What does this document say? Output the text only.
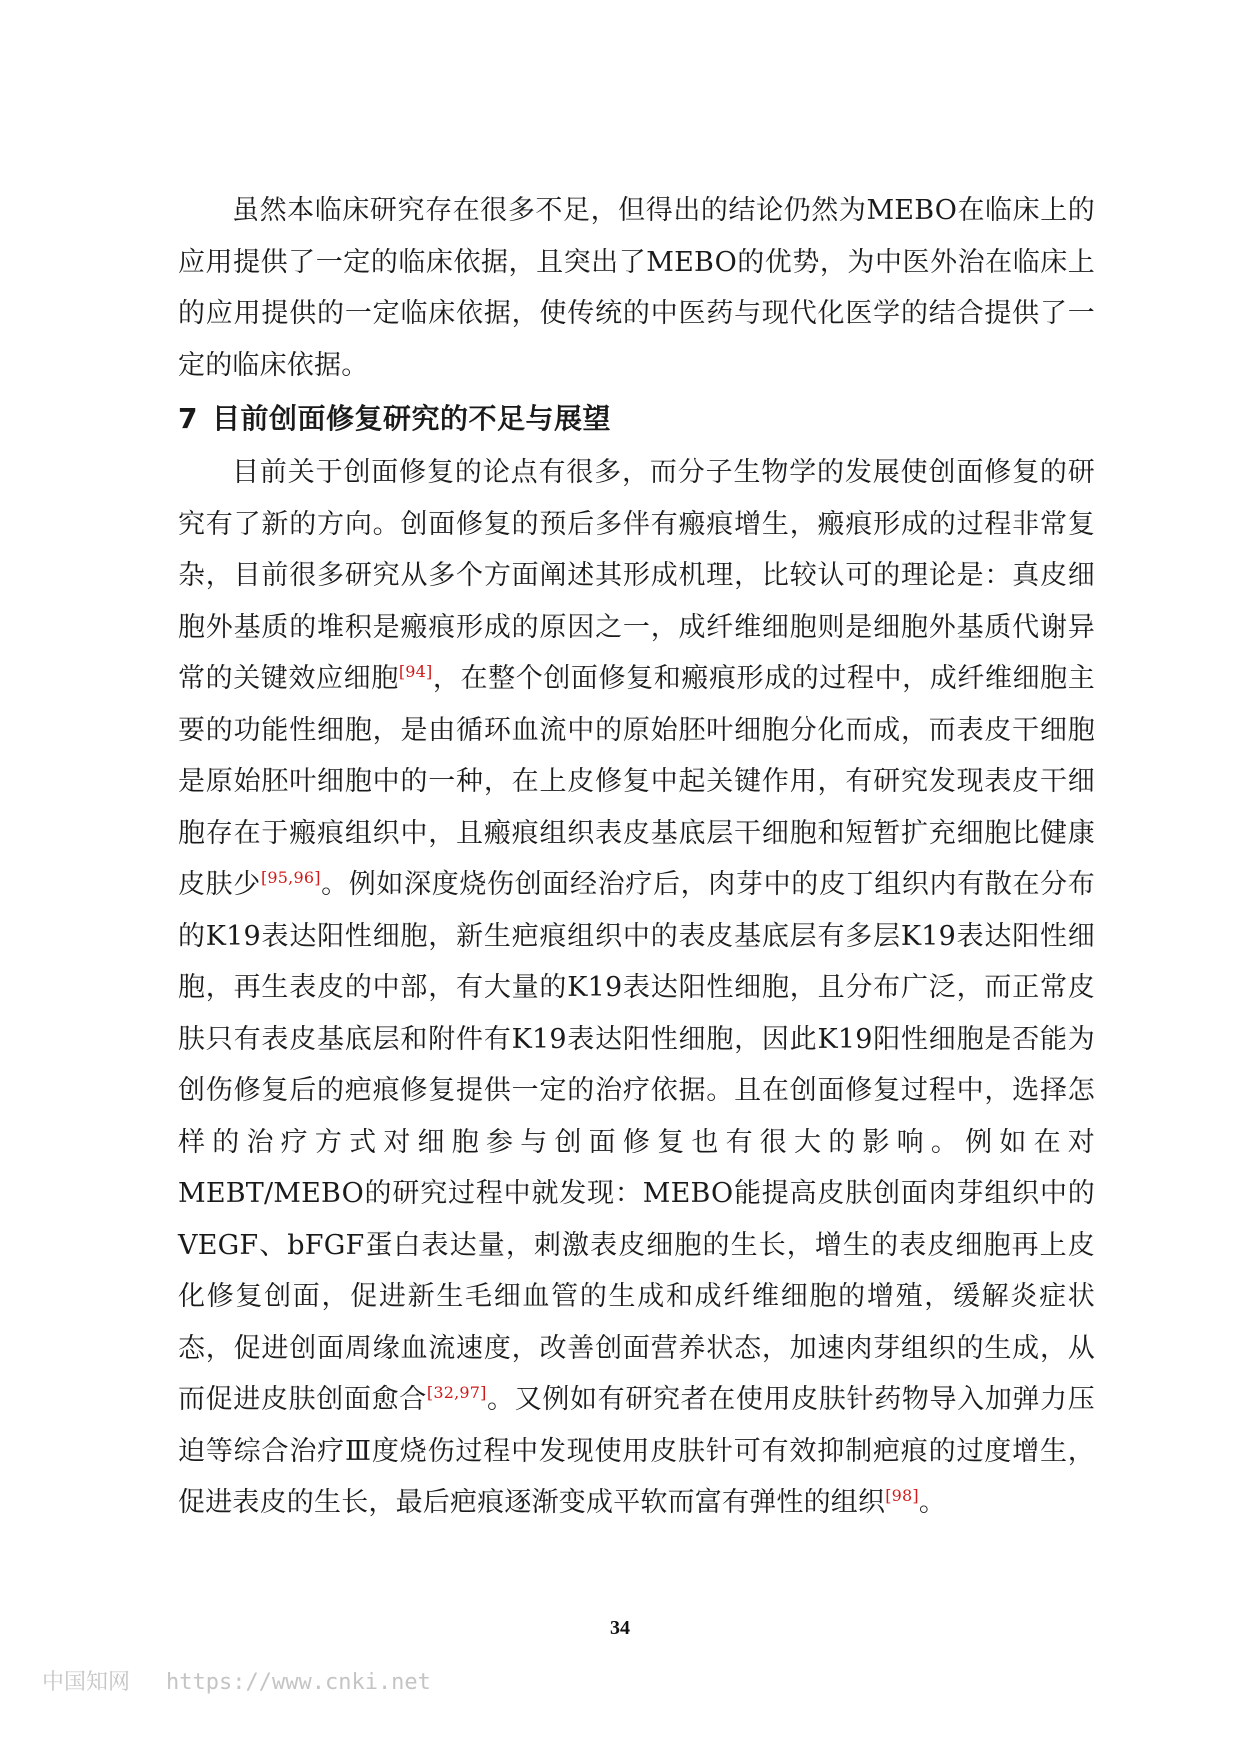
虽然本临床研究存在很多不足，但得出的结论仍然为MEBO在临床上的应用提供了一定的临床依据，且突出了MEBO的优势，为中医外治在临床上的应用提供的一定临床依据，使传统的中医药与现代化医学的结合提供了一定的临床依据。

7 目前创面修复研究的不足与展望

目前关于创面修复的论点有很多，而分子生物学的发展使创面修复的研究有了新的方向。创面修复的预后多伴有瘢痕增生，瘢痕形成的过程非常复杂，目前很多研究从多个方面阐述其形成机理，比较认可的理论是：真皮细胞外基质的堆积是瘢痕形成的原因之一，成纤维细胞则是细胞外基质代谢异常的关键效应细胞[94]，在整个创面修复和瘢痕形成的过程中，成纤维细胞主要的功能性细胞，是由循环血流中的原始胚叶细胞分化而成，而表皮干细胞是原始胚叶细胞中的一种，在上皮修复中起关键作用，有研究发现表皮干细胞存在于瘢痕组织中，且瘢痕组织表皮基底层干细胞和短暂扩充细胞比健康皮肤少[95,96]。例如深度烧伤创面经治疗后，肉芽中的皮丁组织内有散在分布的K19表达阳性细胞，新生疤痕组织中的表皮基底层有多层K19表达阳性细胞，再生表皮的中部，有大量的K19表达阳性细胞，且分布广泛，而正常皮肤只有表皮基底层和附件有K19表达阳性细胞，因此K19阳性细胞是否能为创伤修复后的疤痕修复提供一定的治疗依据。且在创面修复过程中，选择怎样的治疗方式对细胞参与创面修复也有很大的影响。例如在对MEBT/MEBO的研究过程中就发现：MEBO能提高皮肤创面肉芽组织中的VEGF、bFGF蛋白表达量，刺激表皮细胞的生长，增生的表皮细胞再上皮化修复创面，促进新生毛细血管的生成和成纤维细胞的增殖，缓解炎症状态，促进创面周缘血流速度，改善创面营养状态，加速肉芽组织的生成，从而促进皮肤创面愈合[32,97]。又例如有研究者在使用皮肤针药物导入加弹力压迫等综合治疗Ⅲ度烧伤过程中发现使用皮肤针可有效抑制疤痕的过度增生，促进表皮的生长，最后疤痕逐渐变成平软而富有弹性的组织[98]。

34
中国知网 https://www.cnki.net
